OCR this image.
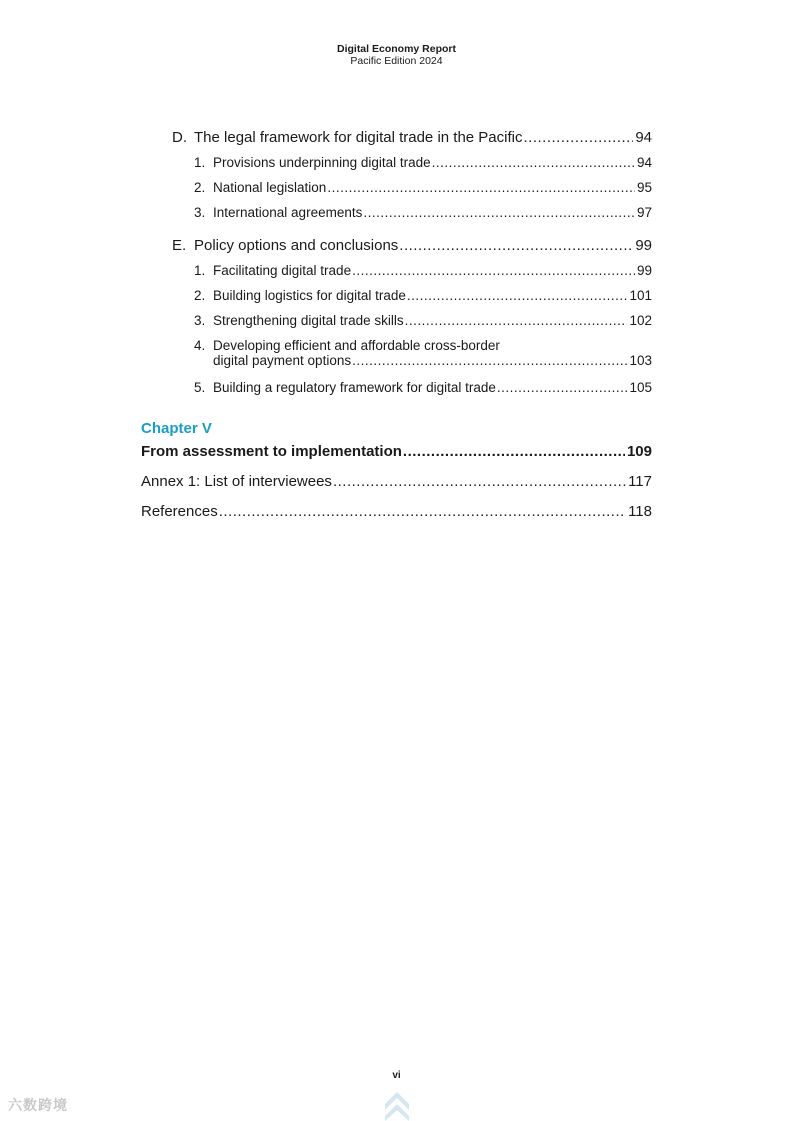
Digital Economy Report
Pacific Edition 2024
D. The legal framework for digital trade in the Pacific .....	94
1. Provisions underpinning digital trade .....	94
2. National legislation .....	95
3. International agreements .....	97
E. Policy options and conclusions .....	99
1. Facilitating digital trade .....	99
2. Building logistics for digital trade .....	101
3. Strengthening digital trade skills .....	102
4. Developing efficient and affordable cross-border
digital payment options .....	103
5. Building a regulatory framework for digital trade .....	105
Chapter V
From assessment to implementation .....	109
Annex 1: List of interviewees .....	117
References .....	118
vi
六数跨境
